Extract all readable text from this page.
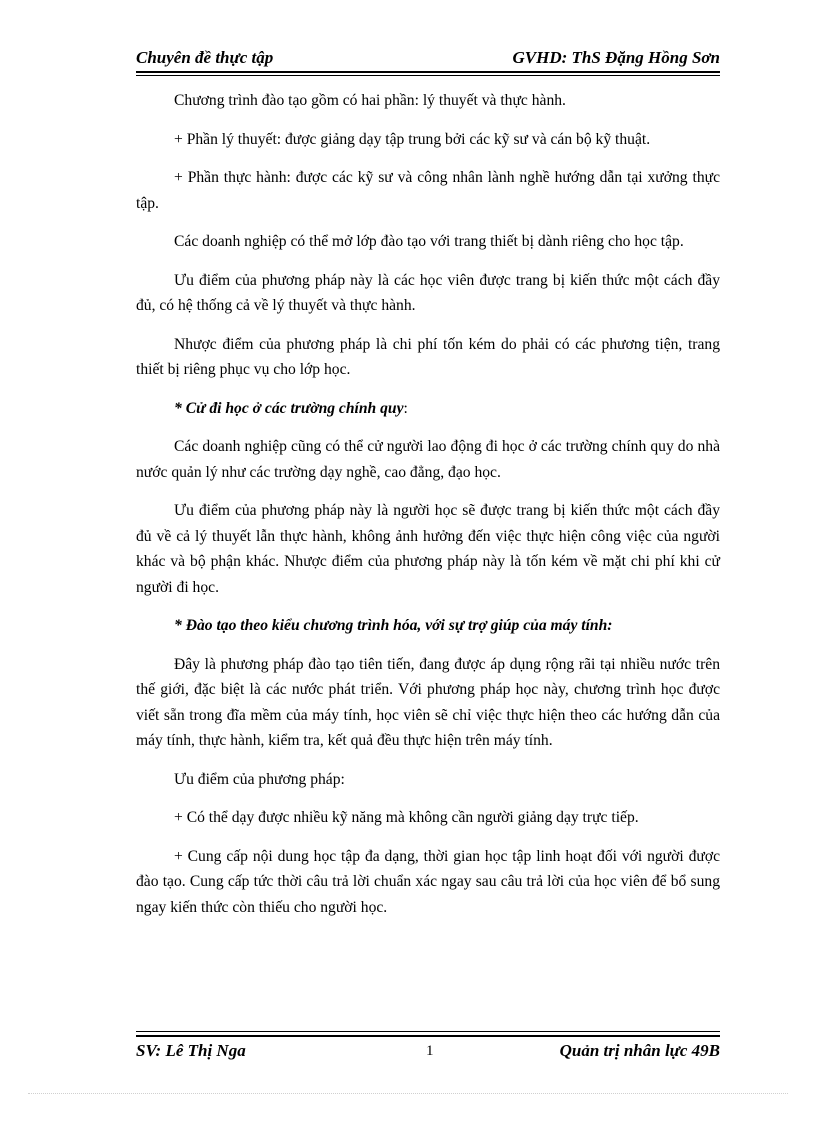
Chuyên đề thực tập	GVHD: ThS Đặng Hồng Sơn

Chương trình đào tạo gồm có hai phần: lý thuyết và thực hành.

+ Phần lý thuyết: được giảng dạy tập trung bởi các kỹ sư và cán bộ kỹ thuật.

+ Phần thực hành: được các kỹ sư và công nhân lành nghề hướng dẫn tại xưởng thực tập.

Các doanh nghiệp có thể mở lớp đào tạo với trang thiết bị dành riêng cho học tập.

Ưu điểm của phương pháp này là các học viên được trang bị kiến thức một cách đầy đủ, có hệ thống cả về lý thuyết và thực hành.

Nhược điểm của phương pháp là chi phí tốn kém do phải có các phương tiện, trang thiết bị riêng phục vụ cho lớp học.

* Cử đi học ở các trường chính quy:

Các doanh nghiệp cũng có thể cử người lao động đi học ở các trường chính quy do nhà nước quản lý như các trường dạy nghề, cao đẳng, đạo học.

Ưu điểm của phương pháp này là người học sẽ được trang bị kiến thức một cách đầy đủ về cả lý thuyết lẫn thực hành, không ảnh hưởng đến việc thực hiện công việc của người khác và bộ phận khác. Nhược điểm của phương pháp này là tốn kém về mặt chi phí khi cử người đi học.

* Đào tạo theo kiểu chương trình hóa, với sự trợ giúp của máy tính:

Đây là phương pháp đào tạo tiên tiến, đang được áp dụng rộng rãi tại nhiều nước trên thế giới, đặc biệt là các nước phát triển. Với phương pháp học này, chương trình học được viết sẵn trong đĩa mềm của máy tính, học viên sẽ chỉ việc thực hiện theo các hướng dẫn của máy tính, thực hành, kiểm tra, kết quả đều thực hiện trên máy tính.

Ưu điểm của phương pháp:

+ Có thể dạy được nhiều kỹ năng mà không cần người giảng dạy trực tiếp.

+ Cung cấp nội dung học tập đa dạng, thời gian học tập linh hoạt đối với người được đào tạo. Cung cấp tức thời câu trả lời chuẩn xác ngay sau câu trả lời của học viên để bổ sung ngay kiến thức còn thiếu cho người học.

SV: Lê Thị Nga	1	Quản trị nhân lực 49B
